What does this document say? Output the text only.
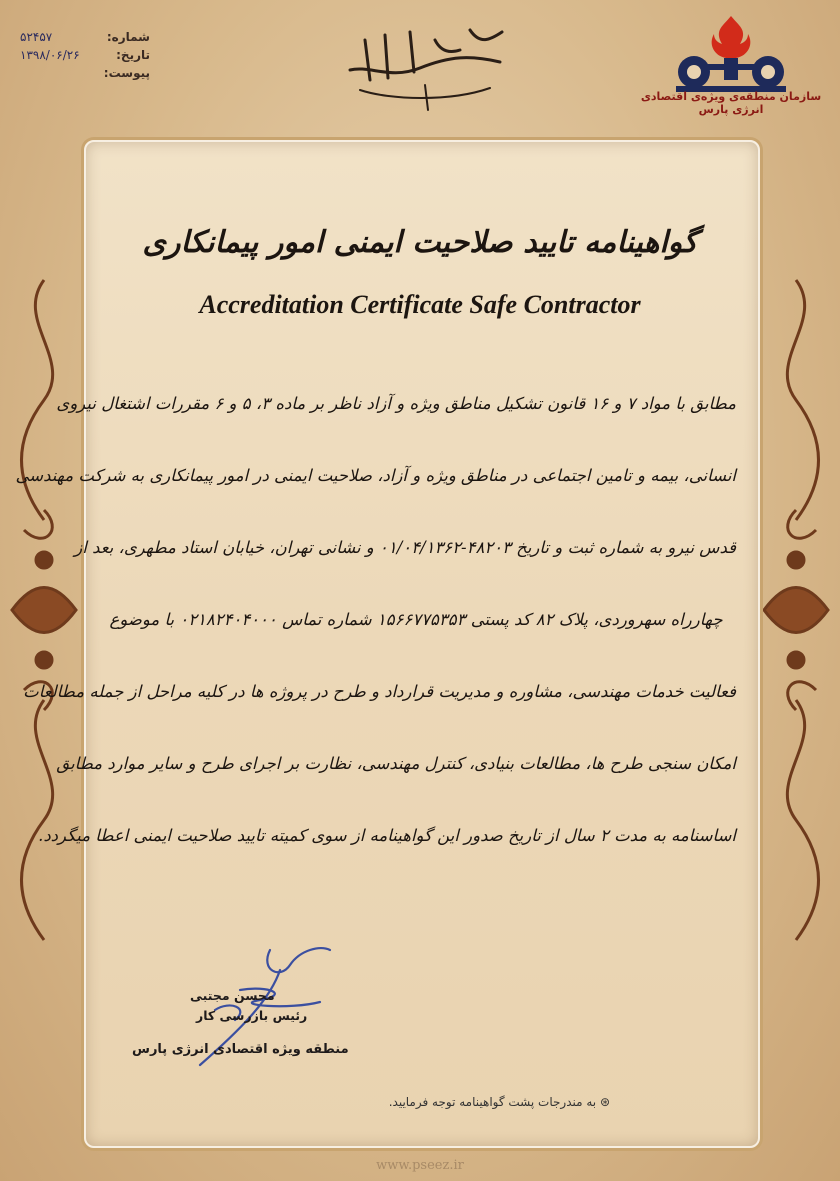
شماره:
۵۲۴۵۷
تاریخ:
۱۳۹۸/۰۶/۲۶
پیوست:
سازمان منطقه‌ی ویژه‌ی اقتصادی انرژی پارس
گواهینامه تایید صلاحیت ایمنی امور پیمانکاری
Accreditation Certificate Safe Contractor
مطابق با مواد ۷ و ۱۶ قانون تشکیل مناطق ویژه و آزاد ناظر بر ماده ۳، ۵ و ۶ مقررات اشتغال نیروی
انسانی، بیمه و تامین اجتماعی در مناطق ویژه و آزاد، صلاحیت ایمنی در امور پیمانکاری به شرکت مهندسی
قدس نیرو به شماره ثبت و تاریخ ۴۸۲۰۳-۰۱/۰۴/۱۳۶۲ و نشانی تهران، خیابان استاد مطهری، بعد از
چهارراه سهروردی، پلاک ۸۲ کد پستی ۱۵۶۶۷۷۵۳۵۳ شماره تماس ۰۲۱۸۲۴۰۴۰۰۰ با موضوع
فعالیت خدمات مهندسی، مشاوره و مدیریت قرارداد و طرح در پروژه ها در کلیه مراحل از جمله مطالعات
امکان سنجی طرح ها، مطالعات بنیادی، کنترل مهندسی، نظارت بر اجرای طرح و سایر موارد مطابق
اساسنامه به مدت ۲ سال از تاریخ صدور این گواهینامه از سوی کمیته تایید صلاحیت ایمنی اعطا میگردد.
محسن مجتبی
رئیس بازرسی کار
منطقه ویژه اقتصادی انرژی پارس
⊛ به مندرجات پشت گواهینامه توجه فرمایید.
www.pseez.ir
